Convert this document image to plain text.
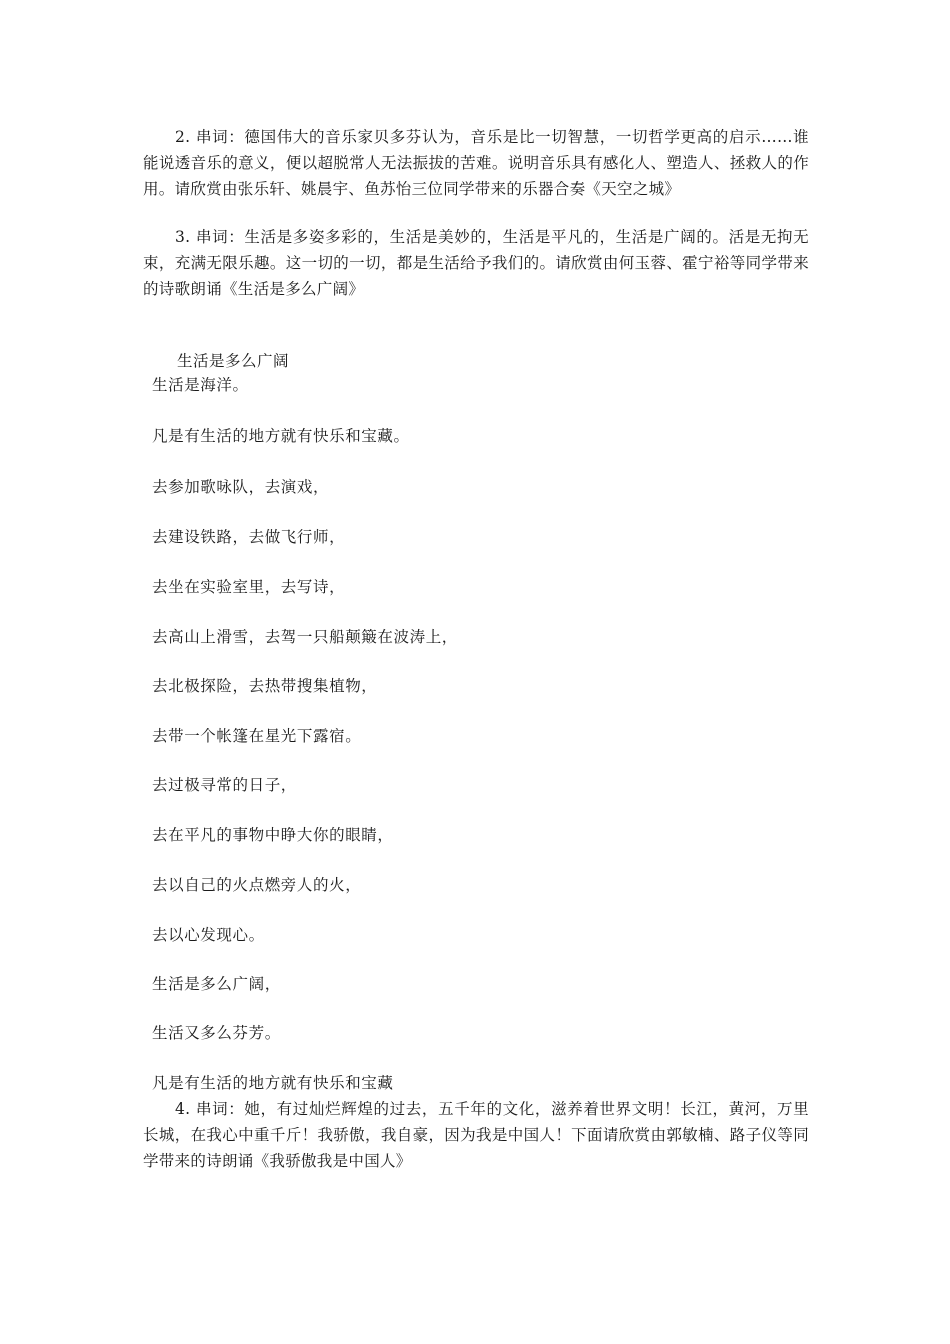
2. 串词：德国伟大的音乐家贝多芬认为，音乐是比一切智慧，一切哲学更高的启示……谁能说透音乐的意义，便以超脱常人无法振拔的苦难。说明音乐具有感化人、塑造人、拯救人的作用。请欣赏由张乐轩、姚晨宇、鱼苏怡三位同学带来的乐器合奏《天空之城》
3. 串词：生活是多姿多彩的，生活是美妙的，生活是平凡的，生活是广阔的。活是无拘无束，充满无限乐趣。这一切的一切，都是生活给予我们的。请欣赏由何玉蓉、霍宁裕等同学带来的诗歌朗诵《生活是多么广阔》
生活是多么广阔
生活是海洋。
凡是有生活的地方就有快乐和宝藏。
去参加歌咏队，去演戏，
去建设铁路，去做飞行师，
去坐在实验室里，去写诗，
去高山上滑雪，去驾一只船颠簸在波涛上，
去北极探险，去热带搜集植物，
去带一个帐篷在星光下露宿。
去过极寻常的日子，
去在平凡的事物中睁大你的眼睛，
去以自己的火点燃旁人的火，
去以心发现心。
生活是多么广阔，
生活又多么芬芳。
凡是有生活的地方就有快乐和宝藏
4. 串词：她，有过灿烂辉煌的过去，五千年的文化，滋养着世界文明！长江，黄河，万里长城，在我心中重千斤！我骄傲，我自豪，因为我是中国人！下面请欣赏由郭敏楠、路子仪等同学带来的诗朗诵《我骄傲我是中国人》
